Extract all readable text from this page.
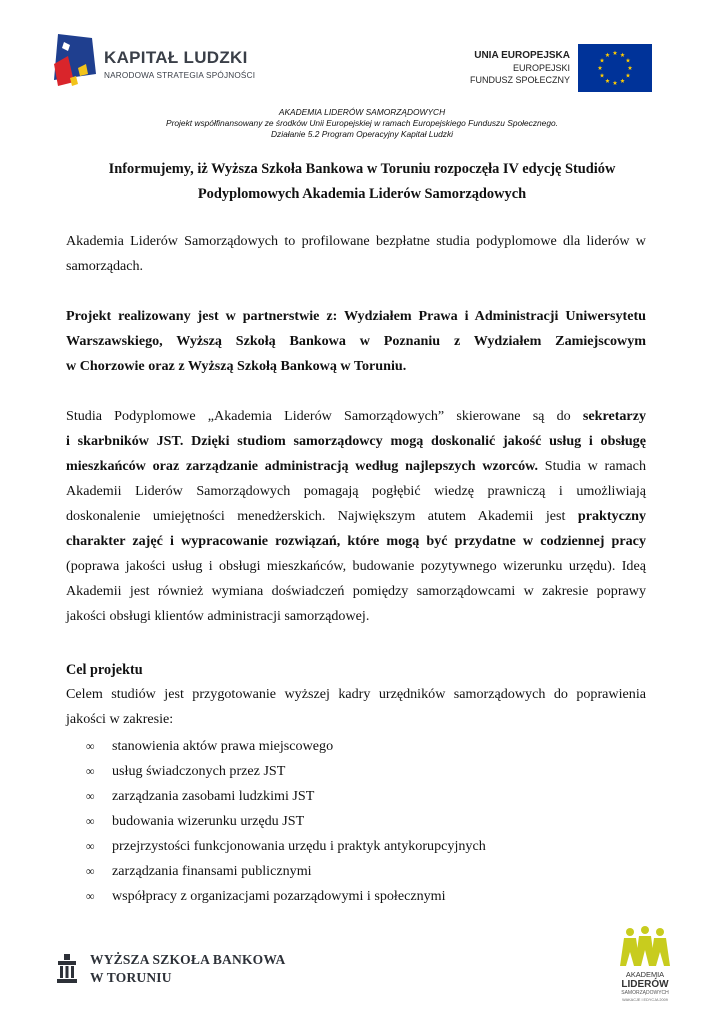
KAPITAŁ LUDZKI
NARODOWA STRATEGIA SPÓJNOŚCI
UNIA EUROPEJSKA
EUROPEJSKI
FUNDUSZ SPOŁECZNY
AKADEMIA LIDERÓW SAMORZĄDOWYCH
Projekt współfinansowany ze środków Unii Europejskiej w ramach Europejskiego Funduszu Społecznego.
Działanie 5.2 Program Operacyjny Kapitał Ludzki
Informujemy, iż Wyższa Szkoła Bankowa w Toruniu rozpoczęła IV edycję Studiów
Podyplomowych Akademia Liderów Samorządowych
Akademia Liderów Samorządowych to profilowane bezpłatne studia podyplomowe dla liderów w
samorządach.
Projekt realizowany jest w partnerstwie z: Wydziałem Prawa i Administracji Uniwersytetu
Warszawskiego, Wyższą Szkołą Bankowa w Poznaniu z Wydziałem Zamiejscowym
w Chorzowie oraz z Wyższą Szkołą Bankową w Toruniu.
Studia Podyplomowe „Akademia Liderów Samorządowych” skierowane są do sekretarzy
i skarbników JST. Dzięki studiom samorządowcy mogą doskonalić jakość usług i obsługę
mieszkańców oraz zarządzanie administracją według najlepszych wzorców. Studia w ramach
Akademii Liderów Samorządowych pomagają pogłębić wiedzę prawniczą i umożliwiają
doskonalenie umiejętności menedżerskich. Największym atutem Akademii jest praktyczny
charakter zajęć i wypracowanie rozwiązań, które mogą być przydatne w codziennej pracy
(poprawa jakości usług i obsługi mieszkańców, budowanie pozytywnego wizerunku urzędu). Ideą
Akademii jest również wymiana doświadczeń pomiędzy samorządowcami w zakresie poprawy
jakości obsługi klientów administracji samorządowej.
Cel projektu
Celem studiów jest przygotowanie wyższej kadry urzędników samorządowych do poprawienia
jakości w zakresie:
∞ stanowienia aktów prawa miejscowego
∞ usług świadczonych przez JST
∞ zarządzania zasobami ludzkimi JST
∞ budowania wizerunku urzędu JST
∞ przejrzystości funkcjonowania urzędu i praktyk antykorupcyjnych
∞ zarządzania finansami publicznymi
∞ współpracy z organizacjami pozarządowymi i społecznymi
WYŻSZA SZKOŁA BANKOWA
W TORUNIU	AKADEMIA
LIDERÓW
SAMORZĄDOWYCH
WAKACJE I EDYCJA 2009
